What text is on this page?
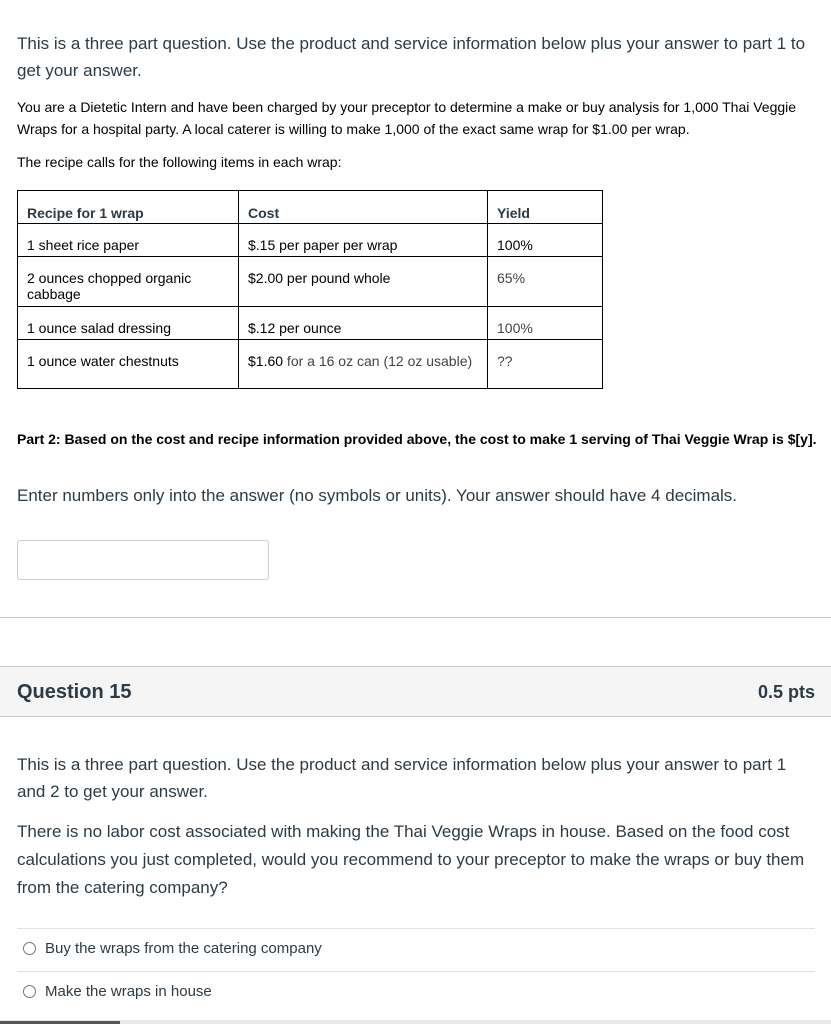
This is a three part question. Use the product and service information below plus your answer to part 1 to get your answer.
You are a Dietetic Intern and have been charged by your preceptor to determine a make or buy analysis for 1,000 Thai Veggie Wraps for a hospital party. A local caterer is willing to make 1,000 of the exact same wrap for $1.00 per wrap.
The recipe calls for the following items in each wrap:
Recipe for 1 wrap	Cost	Yield
1 sheet rice paper	$.15 per paper per wrap	100%
2 ounces chopped organic cabbage	$2.00 per pound whole	65%
1 ounce salad dressing	$.12 per ounce	100%
1 ounce water chestnuts	$1.60 for a 16 oz can (12 oz usable)	??
Part 2: Based on the cost and recipe information provided above, the cost to make 1 serving of Thai Veggie Wrap is $[y].
Enter numbers only into the answer (no symbols or units). Your answer should have 4 decimals.
Question 15	0.5 pts
This is a three part question. Use the product and service information below plus your answer to part 1 and 2 to get your answer.
There is no labor cost associated with making the Thai Veggie Wraps in house. Based on the food cost calculations you just completed, would you recommend to your preceptor to make the wraps or buy them from the catering company?
Buy the wraps from the catering company
Make the wraps in house
